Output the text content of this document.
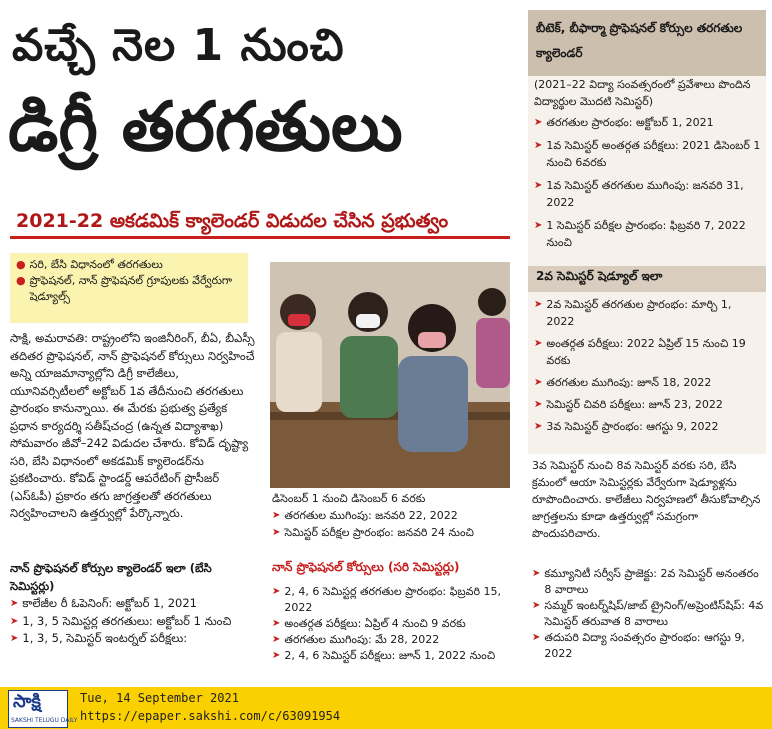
వచ్చే నెల 1 నుంచి
డిగ్రీ తరగతులు
2021-22 అకడమిక్ క్యాలెండర్ విడుదల చేసిన ప్రభుత్వం
● సరి, బేసి విధానంలో తరగతులు
● ప్రొఫెషనల్, నాన్ ప్రొఫెషనల్ గ్రూపులకు వేర్వేరుగా షెడ్యూల్స్
సాక్షి, అమరావతి: రాష్ట్రంలోని ఇంజినీరింగ్, బీఏ, బీఎస్సీ తదితర ప్రొఫెషనల్, నాన్ ప్రొఫెషనల్ కోర్సులు నిర్వహించే అన్ని యాజమాన్యాల్లోని డిగ్రీ కాలేజీలు, యూనివర్సిటీలలో అక్టోబర్ 1వ తేదీనుంచి తరగతులు ప్రారంభం కానున్నాయి. ఈ మేరకు ప్రభుత్వ ప్రత్యేక ప్రధాన కార్యదర్శి సతీష్‌చంద్ర (ఉన్నత విద్యాశాఖ) సోమవారం జీవో–242 విడుదల చేశారు. కోవిడ్ దృష్ట్యా సరి, బేసి విధానంలో అకడమిక్ క్యాలెండర్‌ను ప్రకటించారు. కోవిడ్ స్టాండర్డ్ ఆపరేటింగ్ ప్రొసీజర్ (ఎస్‌ఓపీ) ప్రకారం తగు జాగ్రత్తలతో తరగతులు నిర్వహించాలని ఉత్తర్వుల్లో పేర్కొన్నారు.
నాన్ ప్రొఫెషనల్ కోర్సుల క్యాలెండర్ ఇలా (బేసి సెమిస్టర్లు)
➤ కాలేజీల రీ ఓపెనింగ్: అక్టోబర్ 1, 2021
➤ 1, 3, 5 సెమిస్టర్ల తరగతులు: అక్టోబర్ 1 నుంచి
➤ 1, 3, 5, సెమిస్టర్ ఇంటర్నల్ పరీక్షలు:
డిసెంబర్ 1 నుంచి డిసెంబర్ 6 వరకు
➤ తరగతుల ముగింపు: జనవరి 22, 2022
➤ సెమిస్టర్ పరీక్షల ప్రారంభం: జనవరి 24 నుంచి
నాన్ ప్రొఫెషనల్ కోర్సులు (సరి సెమిస్టర్లు)
➤ 2, 4, 6 సెమిస్టర్ల తరగతుల ప్రారంభం: ఫిబ్రవరి 15, 2022
➤ అంతర్గత పరీక్షలు: ఏప్రిల్ 4 నుంచి 9 వరకు
➤ తరగతుల ముగింపు: మే 28, 2022
➤ 2, 4, 6 సెమిస్టర్ పరీక్షలు: జూన్ 1, 2022 నుంచి
బీటెక్, బీఫార్మా ప్రొఫెషనల్ కోర్సుల తరగతుల క్యాలెండర్
(2021–22 విద్యా సంవత్సరంలో ప్రవేశాలు పొందిన విద్యార్థుల మొదటి సెమిస్టర్)
➤ తరగతుల ప్రారంభం: అక్టోబర్ 1, 2021
➤ 1వ సెమిస్టర్ అంతర్గత పరీక్షలు: 2021 డిసెంబర్ 1 నుంచి 6వరకు
➤ 1వ సెమిస్టర్ తరగతుల ముగింపు: జనవరి 31, 2022
➤ 1 సెమిస్టర్ పరీక్షల ప్రారంభం: ఫిబ్రవరి 7, 2022 నుంచి
2వ సెమిస్టర్ షెడ్యూల్ ఇలా
➤ 2వ సెమిస్టర్ తరగతుల ప్రారంభం: మార్చి 1, 2022
➤ అంతర్గత పరీక్షలు: 2022 ఏప్రిల్ 15 నుంచి 19 వరకు
➤ తరగతుల ముగింపు: జూన్ 18, 2022
➤ సెమిస్టర్ చివరి పరీక్షలు: జూన్ 23, 2022
➤ 3వ సెమిస్టర్ ప్రారంభం: ఆగస్టు 9, 2022
3వ సెమిస్టర్ నుంచి 8వ సెమిస్టర్ వరకు సరి, బేసి క్రమంలో ఆయా సెమిస్టర్లకు వేర్వేరుగా షెడ్యూళ్లను రూపొందించారు. కాలేజీలు నిర్వహణలో తీసుకోవాల్సిన జాగ్రత్తలను కూడా ఉత్తర్వుల్లో సమగ్రంగా పొందుపరిచారు.
➤ కమ్యూనిటీ సర్వీస్ ప్రాజెక్టు: 2వ సెమిస్టర్ అనంతరం 8 వారాలు
➤ సమ్మర్ ఇంటర్న్‌షిప్/జాబ్ ట్రైనింగ్/అప్రెంటిస్‌షిప్: 4వ సెమిస్టర్ తరువాత 8 వారాలు
➤ తదుపరి విద్యా సంవత్సరం ప్రారంభం: ఆగస్టు 9, 2022
సాక్షి
SAKSHI TELUGU DAILY
Tue, 14 September 2021
https://epaper.sakshi.com/c/63091954
